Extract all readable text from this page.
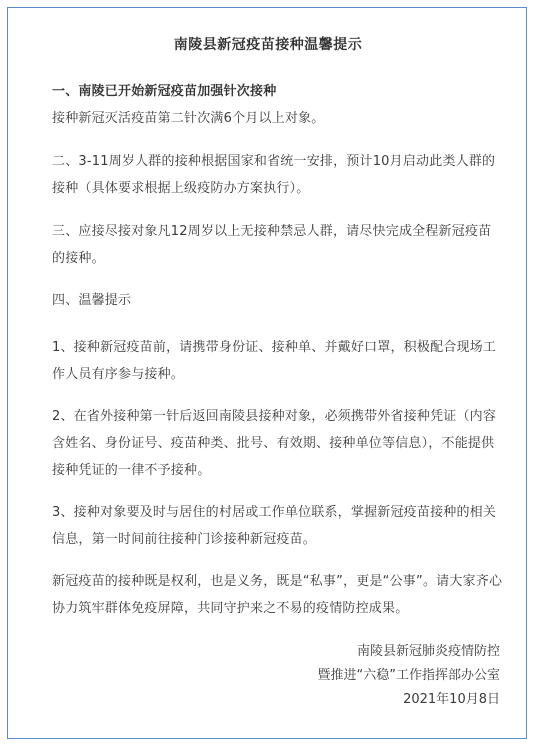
南陵县新冠疫苗接种温馨提示

一、南陵已开始新冠疫苗加强针次接种

接种新冠灭活疫苗第二针次满6个月以上对象。

二、3-11周岁人群的接种根据国家和省统一安排，预计10月启动此类人群的接种（具体要求根据上级疫防办方案执行）。

三、应接尽接对象凡12周岁以上无接种禁忌人群，请尽快完成全程新冠疫苗的接种。

四、温馨提示

1、接种新冠疫苗前，请携带身份证、接种单、并戴好口罩，积极配合现场工作人员有序参与接种。

2、在省外接种第一针后返回南陵县接种对象，必须携带外省接种凭证（内容含姓名、身份证号、疫苗种类、批号、有效期、接种单位等信息），不能提供接种凭证的一律不予接种。

3、接种对象要及时与居住的村居或工作单位联系，掌握新冠疫苗接种的相关信息，第一时间前往接种门诊接种新冠疫苗。

新冠疫苗的接种既是权利，也是义务，既是“私事”，更是“公事”。请大家齐心协力筑牢群体免疫屏障，共同守护来之不易的疫情防控成果。

南陵县新冠肺炎疫情防控

暨推进“六稳”工作指挥部办公室

2021年10月8日
